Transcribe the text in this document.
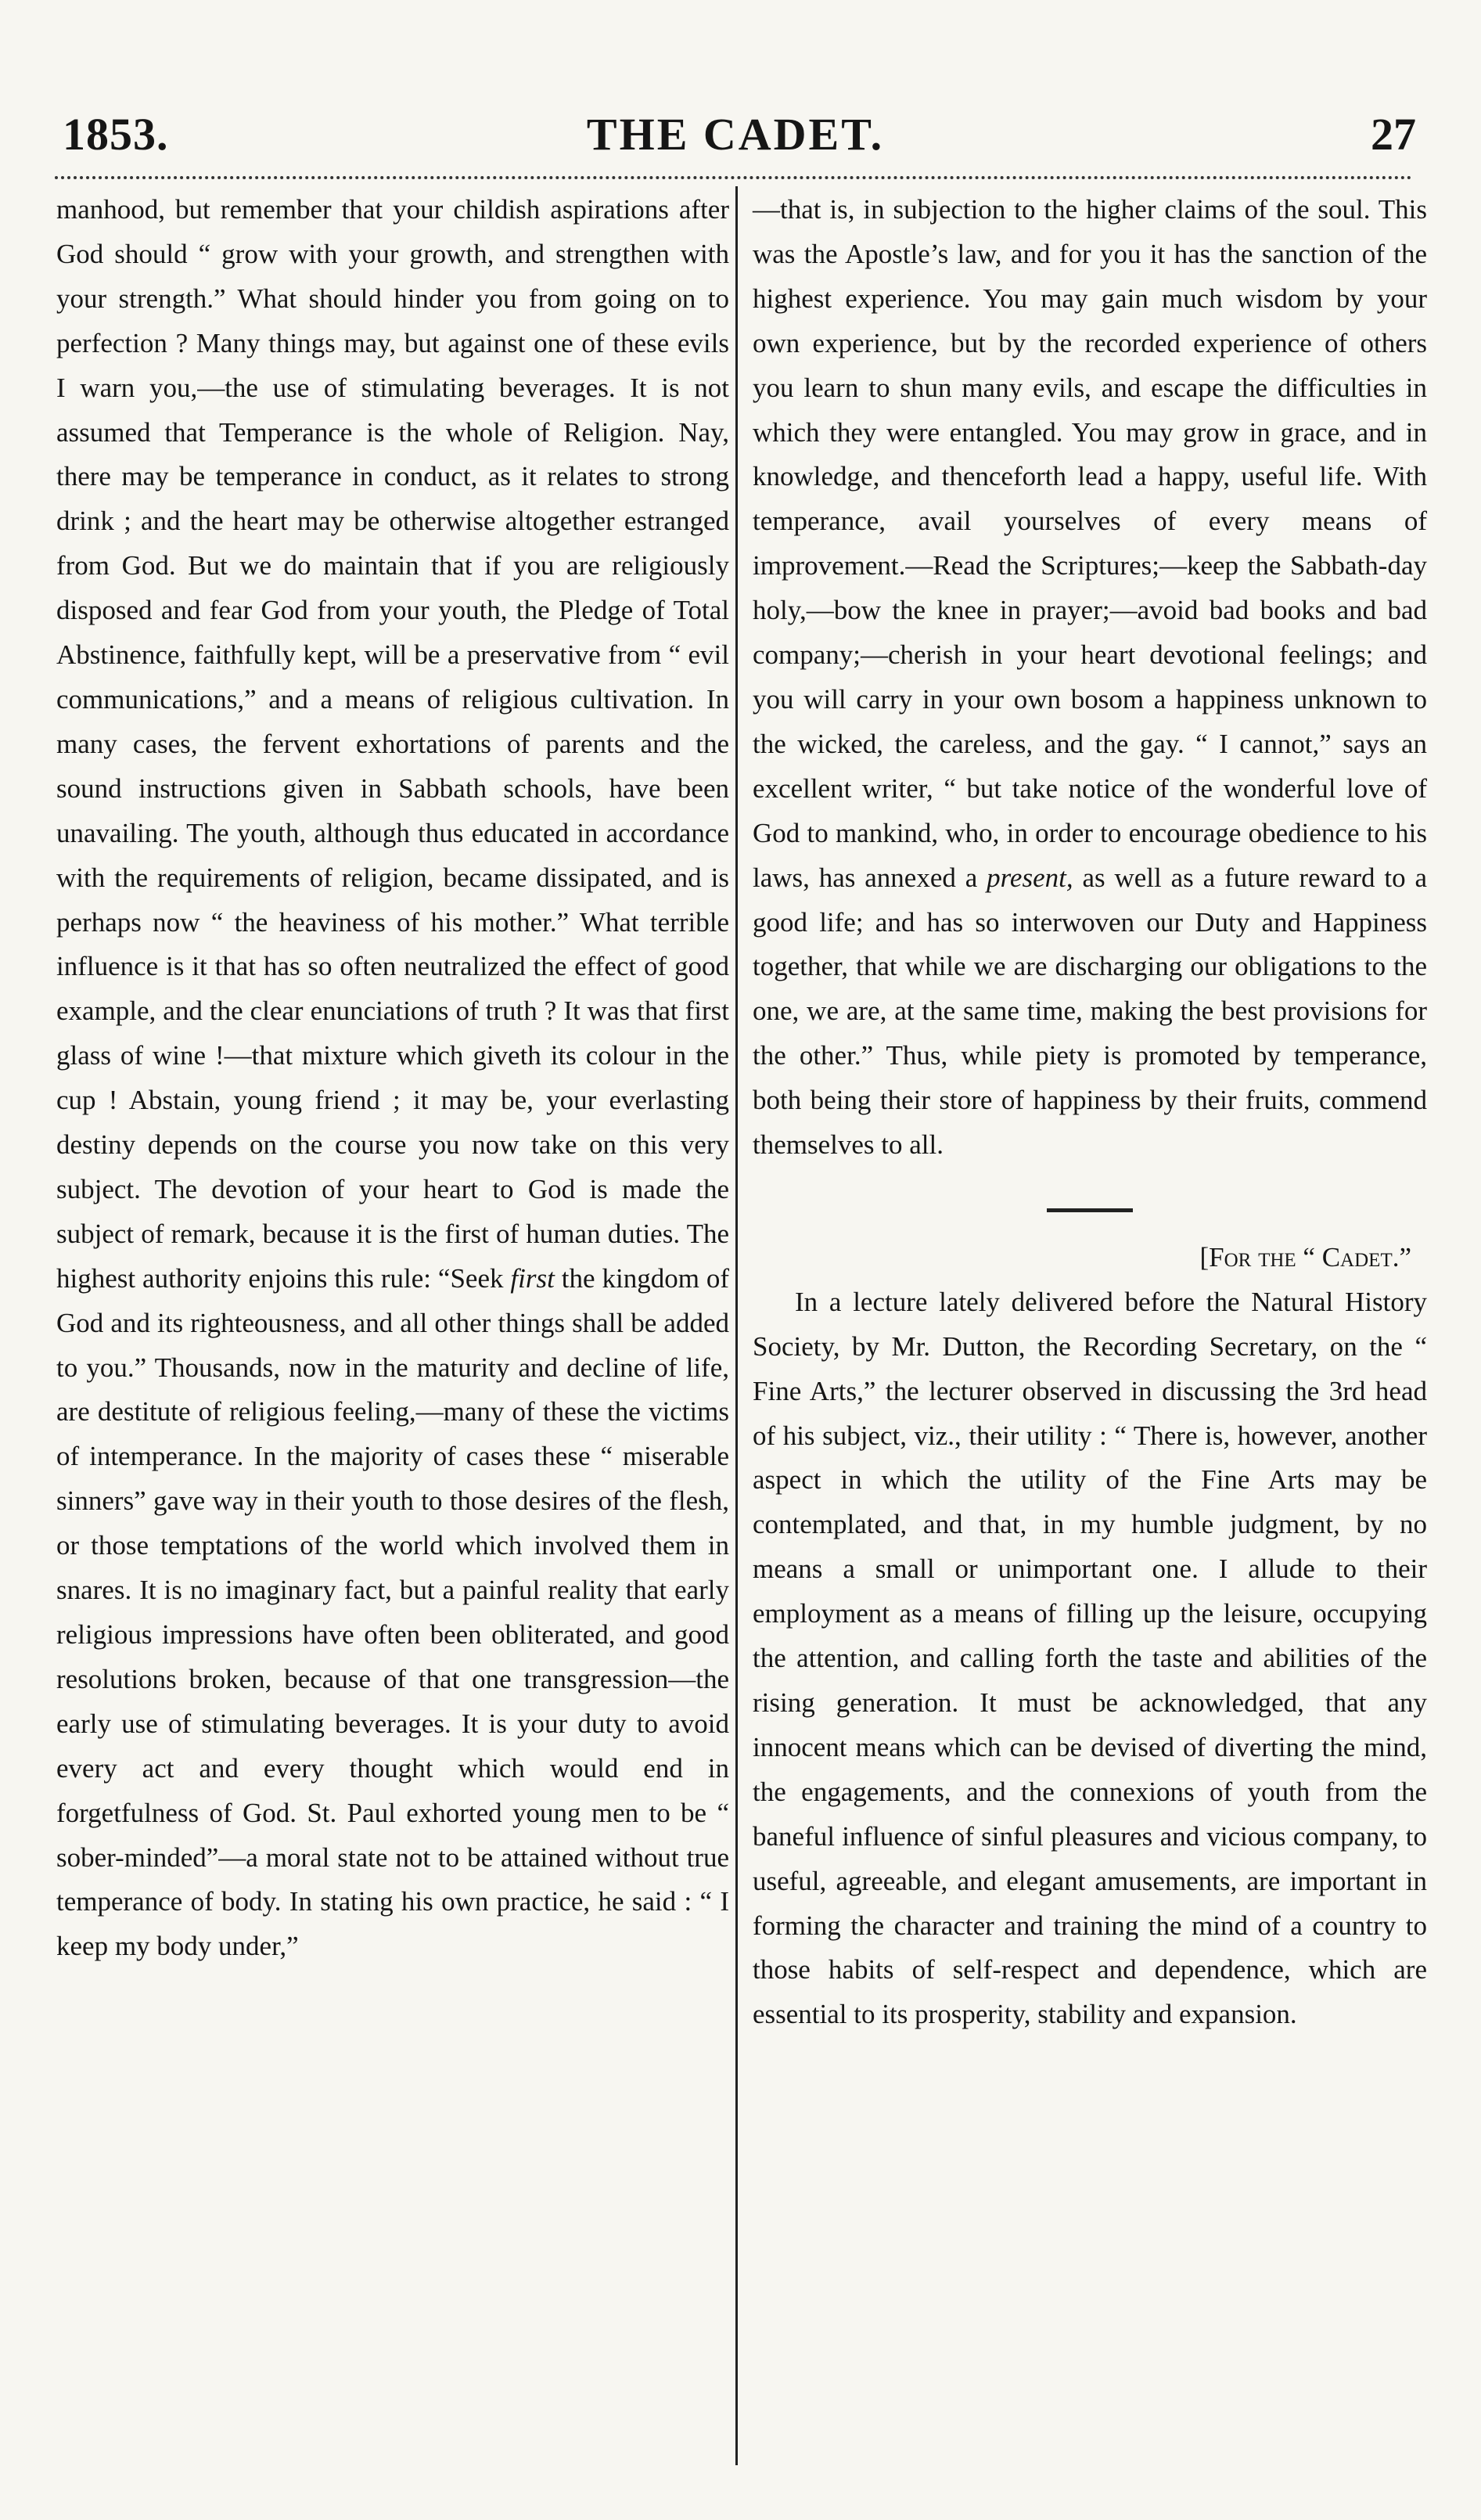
1853.	THE CADET.	27

manhood, but remember that your childish aspirations after God should “ grow with your growth, and strengthen with your strength.” What should hinder you from going on to perfection ? Many things may, but against one of these evils I warn you,—the use of stimulating beverages. It is not assumed that Temperance is the whole of Religion. Nay, there may be temperance in conduct, as it relates to strong drink ; and the heart may be otherwise altogether estranged from God. But we do maintain that if you are religiously disposed and fear God from your youth, the Pledge of Total Abstinence, faithfully kept, will be a preservative from “ evil communications,” and a means of religious cultivation. In many cases, the fervent exhortations of parents and the sound instructions given in Sabbath schools, have been unavailing. The youth, although thus educated in accordance with the requirements of religion, became dissipated, and is perhaps now “ the heaviness of his mother.” What terrible influence is it that has so often neutralized the effect of good example, and the clear enunciations of truth ? It was that first glass of wine !—that mixture which giveth its colour in the cup ! Abstain, young friend ; it may be, your everlasting destiny depends on the course you now take on this very subject. The devotion of your heart to God is made the subject of remark, because it is the first of human duties. The highest authority enjoins this rule: “Seek first the kingdom of God and its righteousness, and all other things shall be added to you.” Thousands, now in the maturity and decline of life, are destitute of religious feeling,—many of these the victims of intemperance. In the majority of cases these “ miserable sinners” gave way in their youth to those desires of the flesh, or those temptations of the world which involved them in snares. It is no imaginary fact, but a painful reality that early religious impressions have often been obliterated, and good resolutions broken, because of that one transgression—the early use of stimulating beverages. It is your duty to avoid every act and every thought which would end in forgetfulness of God. St. Paul exhorted young men to be “ sober-minded”—a moral state not to be attained without true temperance of body. In stating his own practice, he said : “ I keep my body under,”

—that is, in subjection to the higher claims of the soul. This was the Apostle’s law, and for you it has the sanction of the highest experience. You may gain much wisdom by your own experience, but by the recorded experience of others you learn to shun many evils, and escape the difficulties in which they were entangled. You may grow in grace, and in knowledge, and thenceforth lead a happy, useful life. With temperance, avail yourselves of every means of improvement.—Read the Scriptures;—keep the Sabbath-day holy,—bow the knee in prayer;—avoid bad books and bad company;—cherish in your heart devotional feelings; and you will carry in your own bosom a happiness unknown to the wicked, the careless, and the gay. “ I cannot,” says an excellent writer, “ but take notice of the wonderful love of God to mankind, who, in order to encourage obedience to his laws, has annexed a present, as well as a future reward to a good life; and has so interwoven our Duty and Happiness together, that while we are discharging our obligations to the one, we are, at the same time, making the best provisions for the other.” Thus, while piety is promoted by temperance, both being their store of happiness by their fruits, commend themselves to all.

[For the “ Cadet.”

In a lecture lately delivered before the Natural History Society, by Mr. Dutton, the Recording Secretary, on the “ Fine Arts,” the lecturer observed in discussing the 3rd head of his subject, viz., their utility : “ There is, however, another aspect in which the utility of the Fine Arts may be contemplated, and that, in my humble judgment, by no means a small or unimportant one. I allude to their employment as a means of filling up the leisure, occupying the attention, and calling forth the taste and abilities of the rising generation. It must be acknowledged, that any innocent means which can be devised of diverting the mind, the engagements, and the connexions of youth from the baneful influence of sinful pleasures and vicious company, to useful, agreeable, and elegant amusements, are important in forming the character and training the mind of a country to those habits of self-respect and dependence, which are essential to its prosperity, stability and expansion.
